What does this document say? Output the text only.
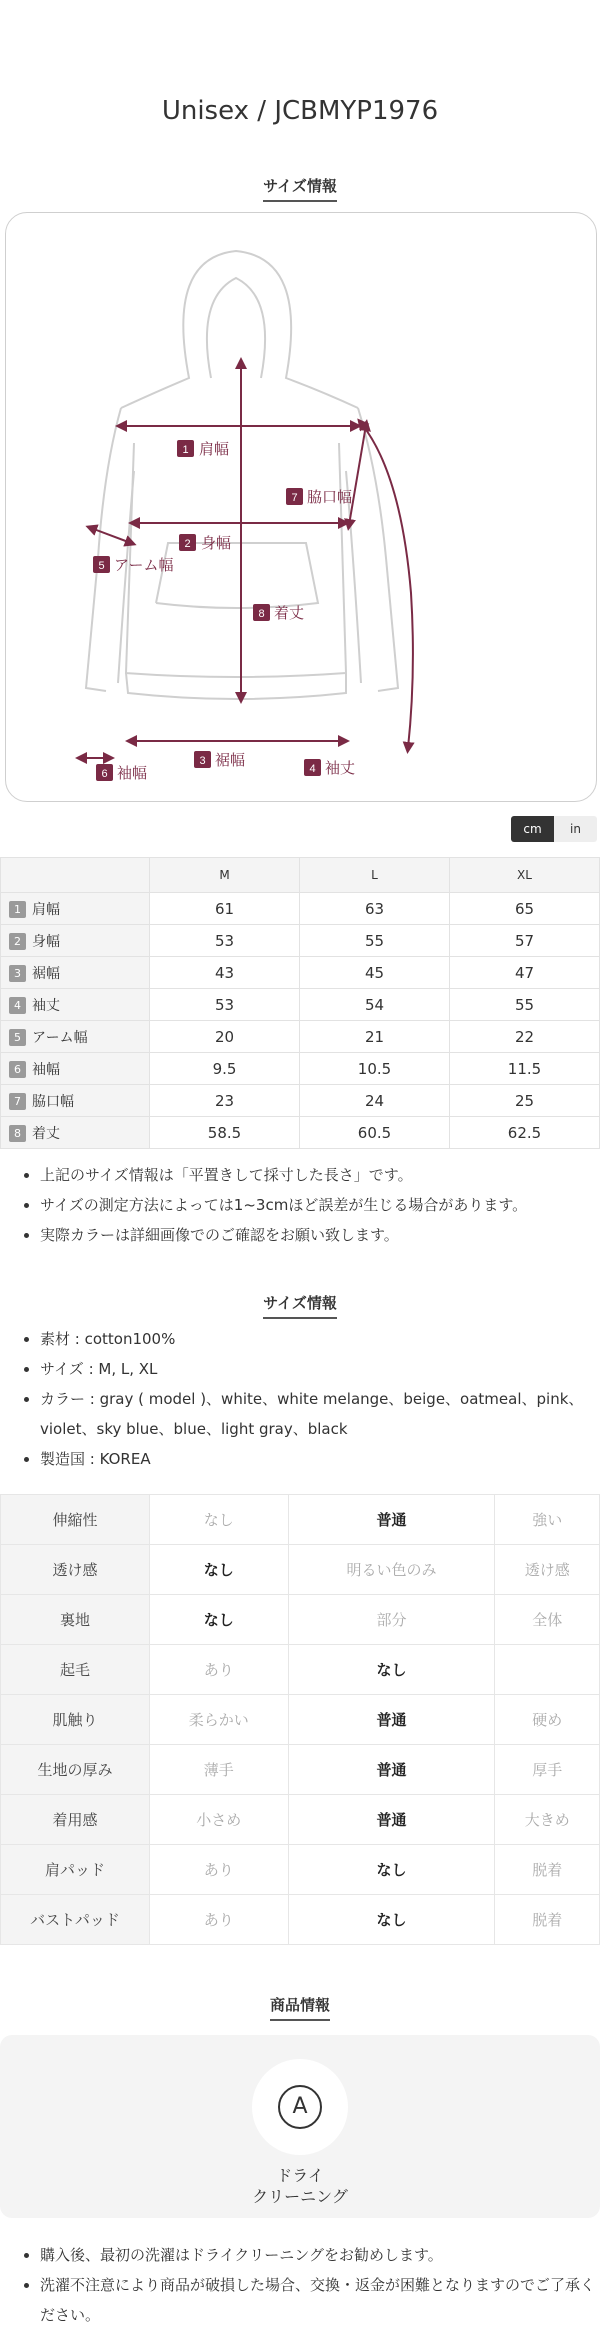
Unisex / JCBMYP1976
サイズ情報
1 肩幅
2 身幅
3 裾幅	4 袖丈
5 アーム幅
6 袖幅
7 脇口幅
8 着丈
cm	in
	M	L	XL
1 肩幅	61	63	65
2 身幅	53	55	57
3 裾幅	43	45	47
4 袖丈	53	54	55
5 アーム幅	20	21	22
6 袖幅	9.5	10.5	11.5
7 脇口幅	23	24	25
8 着丈	58.5	60.5	62.5
• 上記のサイズ情報は「平置きして採寸した長さ」です。
• サイズの測定方法によっては1~3cmほど誤差が生じる場合があります。
• 実際カラーは詳細画像でのご確認をお願い致します。
サイズ情報
• 素材 : cotton100%
• サイズ : M, L, XL
• カラー : gray ( model )、white、white melange、beige、oatmeal、pink、violet、sky blue、blue、light gray、black
• 製造国 : KOREA
伸縮性	なし	普通	強い
透け感	なし	明るい色のみ	透け感
裏地	なし	部分	全体
起毛	あり	なし	
肌触り	柔らかい	普通	硬め
生地の厚み	薄手	普通	厚手
着用感	小さめ	普通	大きめ
肩パッド	あり	なし	脱着
バストパッド	あり	なし	脱着
商品情報
A
ドライ
クリーニング
• 購入後、最初の洗濯はドライクリーニングをお勧めします。
• 洗濯不注意により商品が破損した場合、交換・返金が困難となりますのでご了承ください。
